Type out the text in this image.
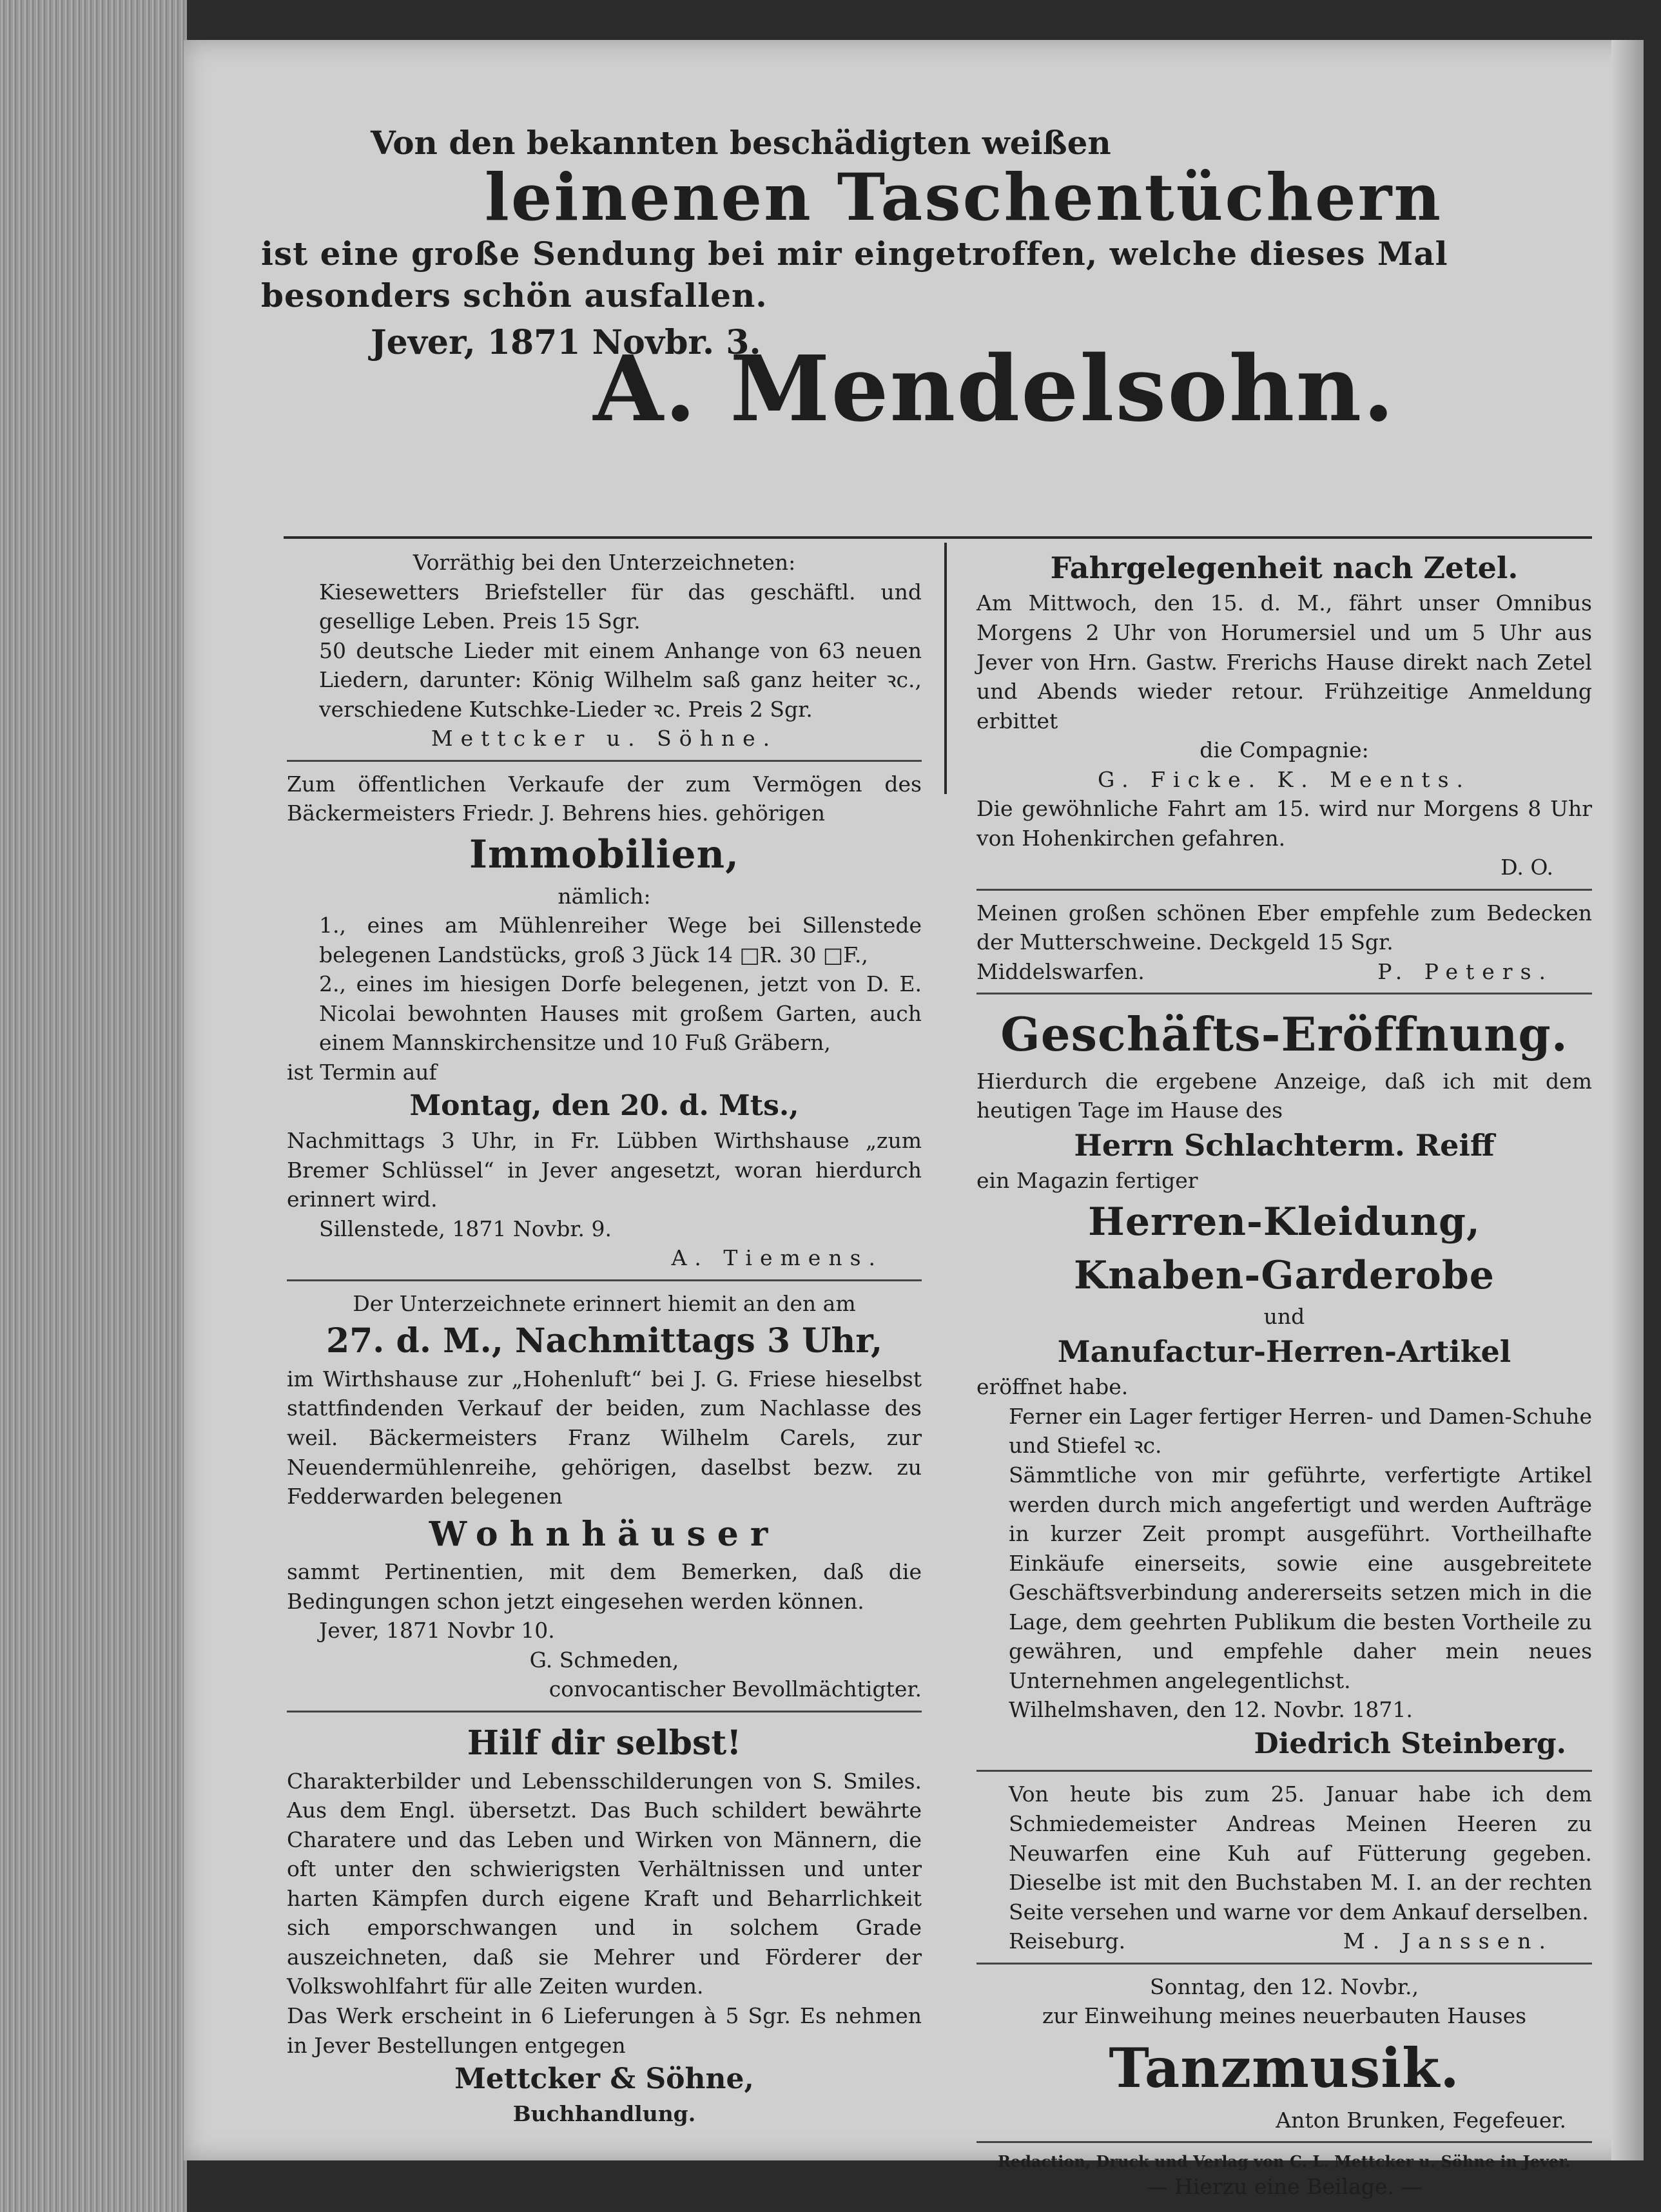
Von den bekannten beschädigten weißen
leinenen Taschentüchern
ist eine große Sendung bei mir eingetroffen, welche dieses Mal besonders schön ausfallen.
Jever, 1871 Novbr. 3.
A. Mendelsohn.
Vorräthig bei den Unterzeichneten:
Kiesewetters Briefsteller für das geschäftl. und gesellige Leben. Preis 15 Sgr.
50 deutsche Lieder mit einem Anhange von 63 neuen Liedern, darunter: König Wilhelm saß ganz heiter ꝛc., verschiedene Kutschke-Lieder ꝛc. Preis 2 Sgr.
Mettcker u. Söhne.
Zum öffentlichen Verkaufe der zum Vermögen des Bäckermeisters Friedr. J. Behrens hies. gehörigen
Immobilien,
nämlich:
1., eines am Mühlenreiher Wege bei Sillenstede belegenen Landstücks, groß 3 Jück 14 □R. 30 □F.,
2., eines im hiesigen Dorfe belegenen, jetzt von D. E. Nicolai bewohnten Hauses mit großem Garten, auch einem Mannskirchensitze und 10 Fuß Gräbern,
ist Termin auf
Montag, den 20. d. Mts.,
Nachmittags 3 Uhr, in Fr. Lübben Wirthshause „zum Bremer Schlüssel“ in Jever angesetzt, woran hierdurch erinnert wird.
Sillenstede, 1871 Novbr. 9.
A. Tiemens.
Der Unterzeichnete erinnert hiemit an den am
27. d. M., Nachmittags 3 Uhr,
im Wirthshause zur „Hohenluft“ bei J. G. Friese hieselbst stattfindenden Verkauf der beiden, zum Nachlasse des weil. Bäckermeisters Franz Wilhelm Carels, zur Neuendermühlenreihe, gehörigen, daselbst bezw. zu Fedderwarden belegenen
Wohnhäuser
sammt Pertinentien, mit dem Bemerken, daß die Bedingungen schon jetzt eingesehen werden können.
Jever, 1871 Novbr 10.
G. Schmeden,
convocantischer Bevollmächtigter.
Hilf dir selbst!
Charakterbilder und Lebensschilderungen von S. Smiles. Aus dem Engl. übersetzt. Das Buch schildert bewährte Charatere und das Leben und Wirken von Männern, die oft unter den schwierigsten Verhältnissen und unter harten Kämpfen durch eigene Kraft und Beharrlichkeit sich emporschwangen und in solchem Grade auszeichneten, daß sie Mehrer und Förderer der Volkswohlfahrt für alle Zeiten wurden.
Das Werk erscheint in 6 Lieferungen à 5 Sgr. Es nehmen in Jever Bestellungen entgegen
Mettcker & Söhne,
Buchhandlung.
Fahrgelegenheit nach Zetel.
Am Mittwoch, den 15. d. M., fährt unser Omnibus Morgens 2 Uhr von Horumersiel und um 5 Uhr aus Jever von Hrn. Gastw. Frerichs Hause direkt nach Zetel und Abends wieder retour. Frühzeitige Anmeldung erbittet
die Compagnie:
G. Ficke. K. Meents.
Die gewöhnliche Fahrt am 15. wird nur Morgens 8 Uhr von Hohenkirchen gefahren.
D. O.
Meinen großen schönen Eber empfehle zum Bedecken der Mutterschweine. Deckgeld 15 Sgr.
Middelswarfen.	P. Peters.
Geschäfts-Eröffnung.
Hierdurch die ergebene Anzeige, daß ich mit dem heutigen Tage im Hause des
Herrn Schlachterm. Reiff
ein Magazin fertiger
Herren-Kleidung,
Knaben-Garderobe
und
Manufactur-Herren-Artikel
eröffnet habe.
Ferner ein Lager fertiger Herren- und Damen-Schuhe und Stiefel ꝛc.
Sämmtliche von mir geführte, verfertigte Artikel werden durch mich angefertigt und werden Aufträge in kurzer Zeit prompt ausgeführt. Vortheilhafte Einkäufe einerseits, sowie eine ausgebreitete Geschäftsverbindung andererseits setzen mich in die Lage, dem geehrten Publikum die besten Vortheile zu gewähren, und empfehle daher mein neues Unternehmen angelegentlichst.
Wilhelmshaven, den 12. Novbr. 1871.
Diedrich Steinberg.
Von heute bis zum 25. Januar habe ich dem Schmiedemeister Andreas Meinen Heeren zu Neuwarfen eine Kuh auf Fütterung gegeben. Dieselbe ist mit den Buchstaben M. I. an der rechten Seite versehen und warne vor dem Ankauf derselben.
Reiseburg.	M. Janssen.
Sonntag, den 12. Novbr.,
zur Einweihung meines neuerbauten Hauses
Tanzmusik.
Anton Brunken, Fegefeuer.
Redaction, Druck und Verlag von C. L. Mettcker u. Söhne in Jever.
— Hierzu eine Beilage. —
